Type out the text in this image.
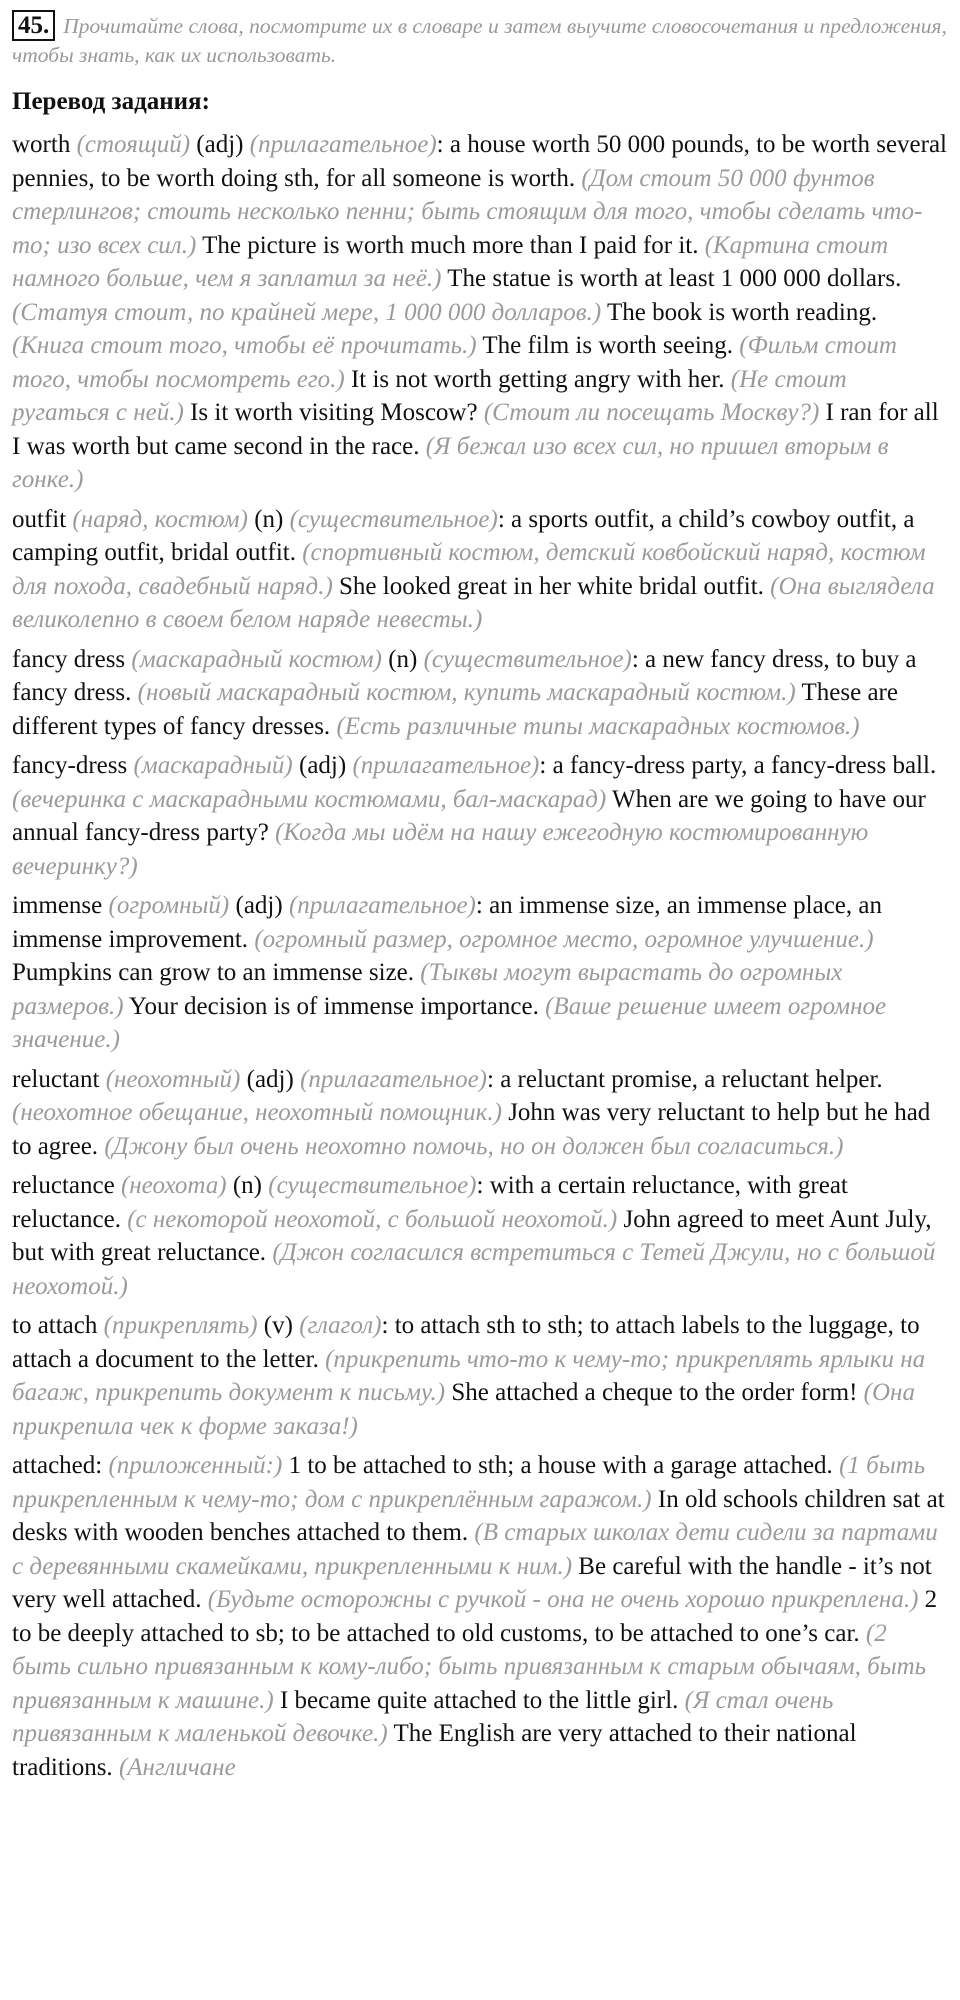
45. Прочитайте слова, посмотрите их в словаре и затем выучите словосочетания и предложения, чтобы знать, как их использовать.
Перевод задания:

worth (стоящий) (adj) (прилагательное): a house worth 50 000 pounds, to be worth several pennies, to be worth doing sth, for all someone is worth. (Дом стоит 50 000 фунтов стерлингов; стоить несколько пенни; быть стоящим для того, чтобы сделать что-то; изо всех сил.) The picture is worth much more than I paid for it. (Картина стоит намного больше, чем я заплатил за неё.) The statue is worth at least 1 000 000 dollars. (Статуя стоит, по крайней мере, 1 000 000 долларов.) The book is worth reading. (Книга стоит того, чтобы её прочитать.) The film is worth seeing. (Фильм стоит того, чтобы посмотреть его.) It is not worth getting angry with her. (Не стоит ругаться с ней.) Is it worth visiting Moscow? (Стоит ли посещать Москву?) I ran for all I was worth but came second in the race. (Я бежал изо всех сил, но пришел вторым в гонке.)

outfit (наряд, костюм) (n) (существительное): a sports outfit, a child’s cowboy outfit, a camping outfit, bridal outfit. (спортивный костюм, детский ковбойский наряд, костюм для похода, свадебный наряд.) She looked great in her white bridal outfit. (Она выглядела великолепно в своем белом наряде невесты.)

fancy dress (маскарадный костюм) (n) (существительное): a new fancy dress, to buy a fancy dress. (новый маскарадный костюм, купить маскарадный костюм.) These are different types of fancy dresses. (Есть различные типы маскарадных костюмов.)

fancy-dress (маскарадный) (adj) (прилагательное): a fancy-dress party, a fancy-dress ball. (вечеринка с маскарадными костюмами, бал-маскарад) When are we going to have our annual fancy-dress party? (Когда мы идём на нашу ежегодную костюмированную вечеринку?)

immense (огромный) (adj) (прилагательное): an immense size, an immense place, an immense improvement. (огромный размер, огромное место, огромное улучшение.) Pumpkins can grow to an immense size. (Тыквы могут вырастать до огромных размеров.) Your decision is of immense importance. (Ваше решение имеет огромное значение.)

reluctant (неохотный) (adj) (прилагательное): a reluctant promise, a reluctant helper. (неохотное обещание, неохотный помощник.) John was very reluctant to help but he had to agree. (Джону был очень неохотно помочь, но он должен был согласиться.)

reluctance (неохота) (n) (существительное): with a certain reluctance, with great reluctance. (с некоторой неохотой, с большой неохотой.) John agreed to meet Aunt July, but with great reluctance. (Джон согласился встретиться с Тетей Джули, но с большой неохотой.)

to attach (прикреплять) (v) (глагол): to attach sth to sth; to attach labels to the luggage, to attach a document to the letter. (прикрепить что-то к чему-то; прикреплять ярлыки на багаж, прикрепить документ к письму.) She attached a cheque to the order form! (Она прикрепила чек к форме заказа!)

attached: (приложенный:) 1 to be attached to sth; a house with a garage attached. (1 быть прикрепленным к чему-то; дом с прикреплённым гаражом.) In old schools children sat at desks with wooden benches attached to them. (В старых школах дети сидели за партами с деревянными скамейками, прикрепленными к ним.) Be careful with the handle - it’s not very well attached. (Будьте осторожны с ручкой - она не очень хорошо прикреплена.) 2 to be deeply attached to sb; to be attached to old customs, to be attached to one’s car. (2 быть сильно привязанным к кому-либо; быть привязанным к старым обычаям, быть привязанным к машине.) I became quite attached to the little girl. (Я стал очень привязанным к маленькой девочке.) The English are very attached to their national traditions. (Англичане
